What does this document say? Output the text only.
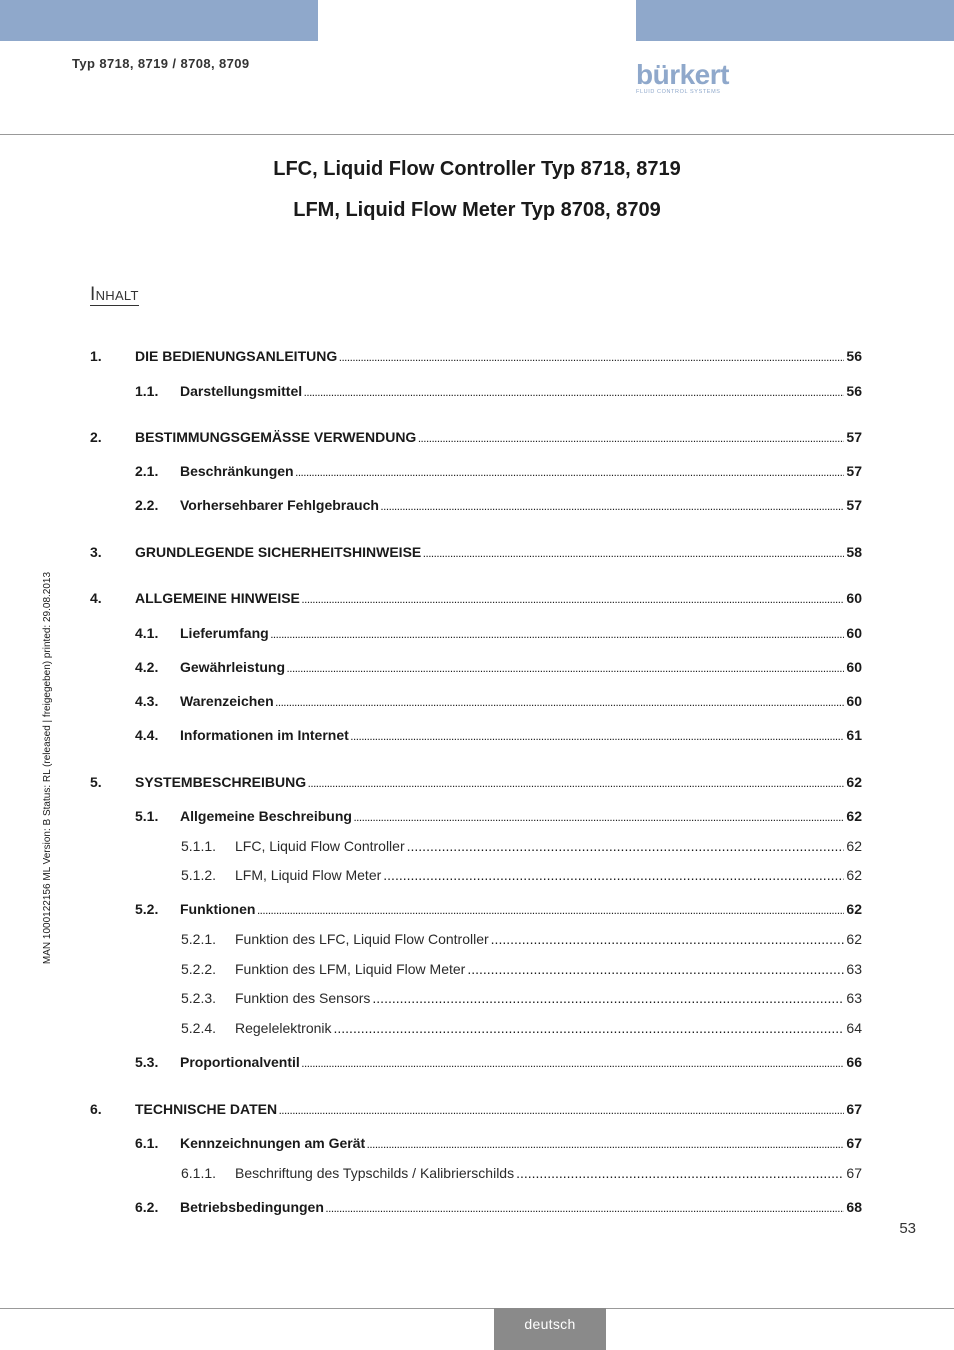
Typ 8718, 8719 / 8708, 8709	bürkert
FLUID CONTROL SYSTEMS
LFC, Liquid Flow Controller Typ 8718, 8719
LFM, Liquid Flow Meter Typ 8708, 8709
Inhalt
MAN 1000122156 ML Version: B Status: RL (released | freigegeben) printed: 29.08.2013
1.	DIE BEDIENUNGSANLEITUNG .....	56
1.1.	Darstellungsmittel .....	56
2.	BESTIMMUNGSGEMÄSSE VERWENDUNG .....	57
2.1.	Beschränkungen .....	57
2.2.	Vorhersehbarer Fehlgebrauch .....	57
3.	GRUNDLEGENDE SICHERHEITSHINWEISE .....	58
4.	ALLGEMEINE HINWEISE .....	60
4.1.	Lieferumfang .....	60
4.2.	Gewährleistung .....	60
4.3.	Warenzeichen .....	60
4.4.	Informationen im Internet .....	61
5.	SYSTEMBESCHREIBUNG .....	62
5.1.	Allgemeine Beschreibung .....	62
5.1.1.	LFC, Liquid Flow Controller .....	62
5.1.2.	LFM, Liquid Flow Meter .....	62
5.2.	Funktionen .....	62
5.2.1.	Funktion des LFC, Liquid Flow Controller .....	62
5.2.2.	Funktion des LFM, Liquid Flow Meter .....	63
5.2.3.	Funktion des Sensors .....	63
5.2.4.	Regelelektronik .....	64
5.3.	Proportionalventil .....	66
6.	TECHNISCHE DATEN .....	67
6.1.	Kennzeichnungen am Gerät .....	67
6.1.1.	Beschriftung des Typschilds / Kalibrierschilds .....	67
6.2.	Betriebsbedingungen .....	68
53
deutsch
